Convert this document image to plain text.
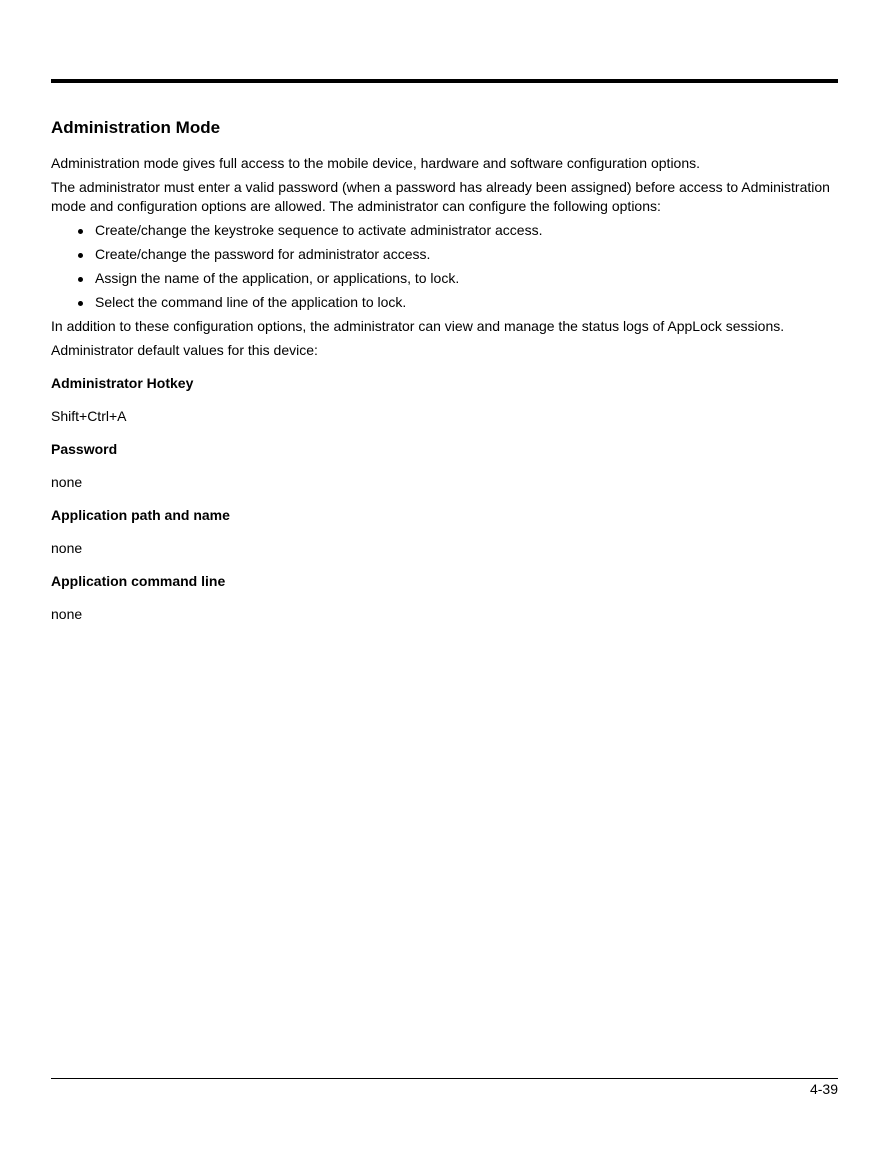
Administration Mode

Administration mode gives full access to the mobile device, hardware and software configuration options.

The administrator must enter a valid password (when a password has already been assigned) before access to Administration mode and configuration options are allowed. The administrator can configure the following options:

Create/change the keystroke sequence to activate administrator access.
Create/change the password for administrator access.
Assign the name of the application, or applications, to lock.
Select the command line of the application to lock.

In addition to these configuration options, the administrator can view and manage the status logs of AppLock sessions.

Administrator default values for this device:

Administrator Hotkey
Shift+Ctrl+A
Password
none
Application path and name
none
Application command line
none
4-39
